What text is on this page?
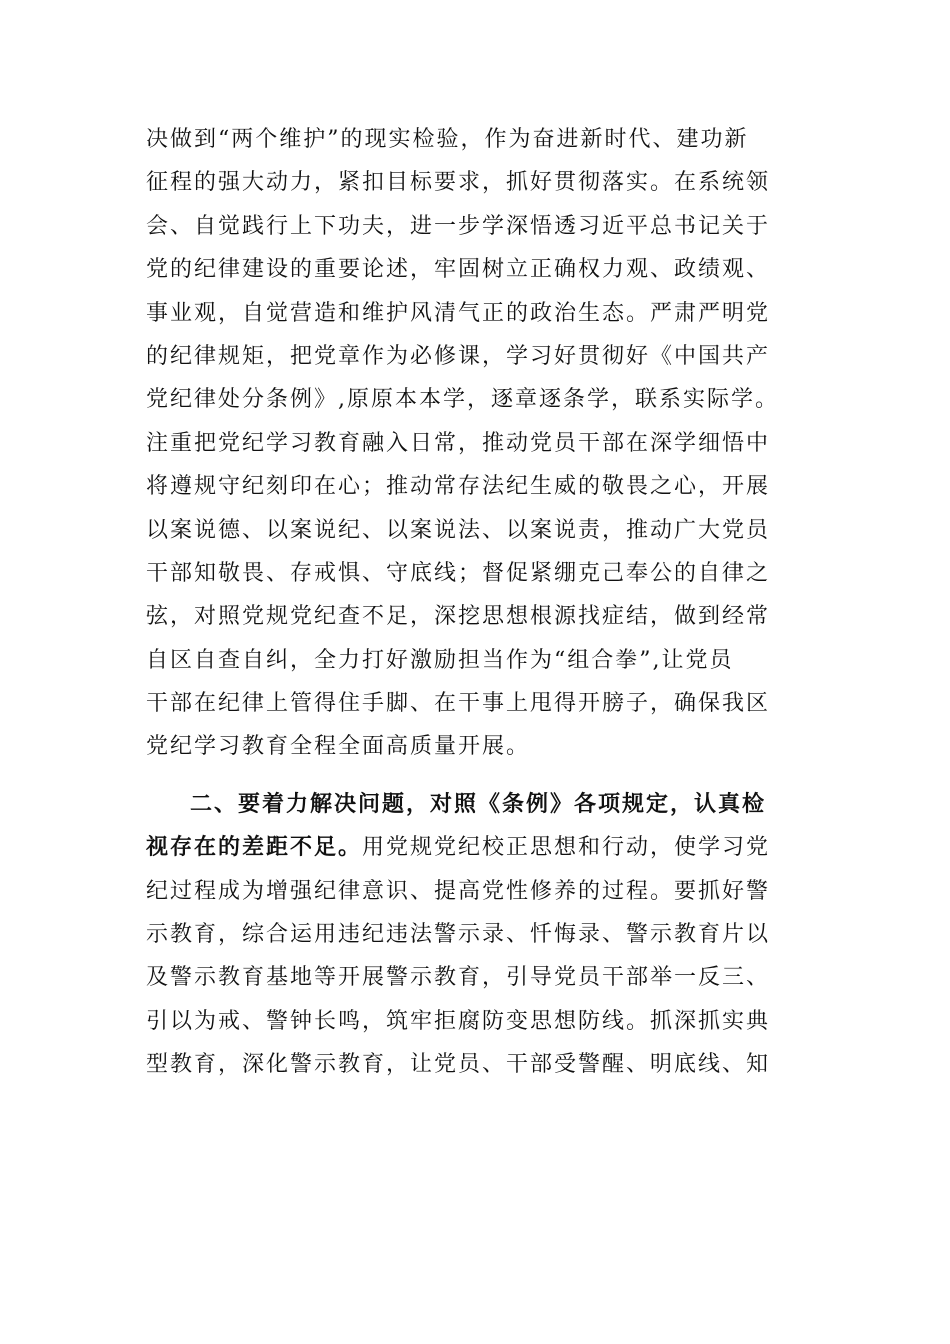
决做到“两个维护”的现实检验，作为奋进新时代、建功新
征程的强大动力，紧扣目标要求，抓好贯彻落实。在系统领
会、自觉践行上下功夫，进一步学深悟透习近平总书记关于
党的纪律建设的重要论述，牢固树立正确权力观、政绩观、
事业观，自觉营造和维护风清气正的政治生态。严肃严明党
的纪律规矩，把党章作为必修课，学习好贯彻好《中国共产
党纪律处分条例》,原原本本学，逐章逐条学，联系实际学。
注重把党纪学习教育融入日常，推动党员干部在深学细悟中
将遵规守纪刻印在心；推动常存法纪生威的敬畏之心，开展
以案说德、以案说纪、以案说法、以案说责，推动广大党员
干部知敬畏、存戒惧、守底线；督促紧绷克己奉公的自律之
弦，对照党规党纪查不足，深挖思想根源找症结，做到经常
自区自查自纠，全力打好激励担当作为“组合拳”,让党员
干部在纪律上管得住手脚、在干事上甩得开膀子，确保我区
党纪学习教育全程全面高质量开展。
二、要着力解决问题，对照《条例》各项规定，认真检
视存在的差距不足。用党规党纪校正思想和行动，使学习党
纪过程成为增强纪律意识、提高党性修养的过程。要抓好警
示教育，综合运用违纪违法警示录、忏悔录、警示教育片以
及警示教育基地等开展警示教育，引导党员干部举一反三、
引以为戒、警钟长鸣，筑牢拒腐防变思想防线。抓深抓实典
型教育，深化警示教育，让党员、干部受警醒、明底线、知
